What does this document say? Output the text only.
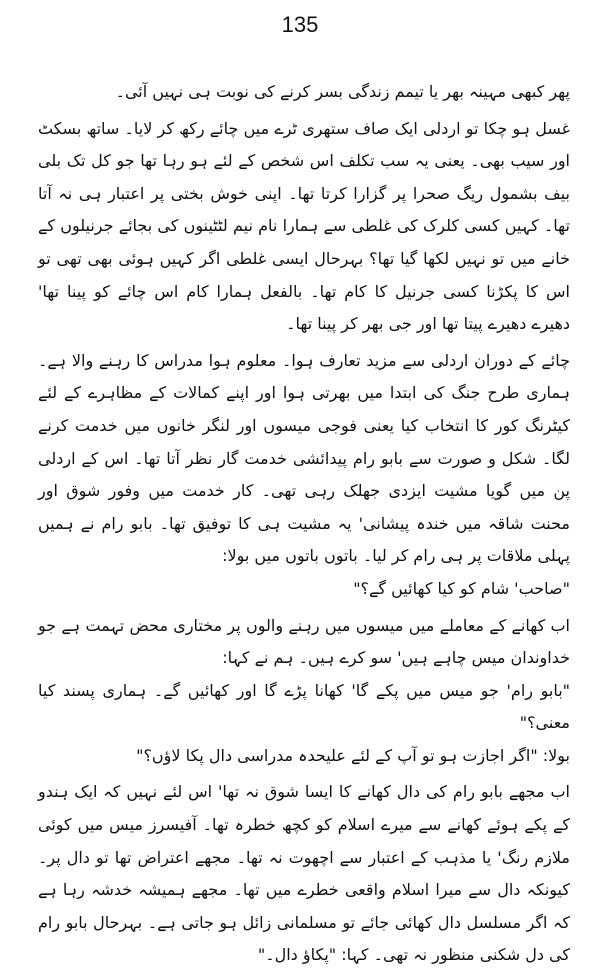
135

پھر کبھی مہینہ بھر یا تیمم زندگی بسر کرنے کی نوبت ہی نہیں آئی۔

غسل ہو چکا تو اردلی ایک صاف ستھری ٹرے میں چائے رکھ کر لایا۔ ساتھ بسکٹ اور سیب بھی۔ یعنی یہ سب تکلف اس شخص کے لئے ہو رہا تھا جو کل تک بلی بیف بشمول ریگ صحرا پر گزارا کرتا تھا۔ اپنی خوش بختی پر اعتبار ہی نہ آتا تھا۔ کہیں کسی کلرک کی غلطی سے ہمارا نام نیم لٹٹینوں کی بجائے جرنیلوں کے خانے میں تو نہیں لکھا گیا تھا؟ بہرحال ایسی غلطی اگر کہیں ہوئی بھی تھی تو اس کا پکڑنا کسی جرنیل کا کام تھا۔ بالفعل ہمارا کام اس چائے کو پینا تھا' دھیرے دھیرے پیتا تھا اور جی بھر کر پینا تھا۔

چائے کے دوران اردلی سے مزید تعارف ہوا۔ معلوم ہوا مدراس کا رہنے والا ہے۔ ہماری طرح جنگ کی ابتدا میں بھرتی ہوا اور اپنے کمالات کے مظاہرے کے لئے کیٹرنگ کور کا انتخاب کیا یعنی فوجی میسوں اور لنگر خانوں میں خدمت کرنے لگا۔ شکل و صورت سے بابو رام پیدائشی خدمت گار نظر آتا تھا۔ اس کے اردلی پن میں گویا مشیت ایزدی جھلک رہی تھی۔ کار خدمت میں وفور شوق اور محنت شاقہ میں خندہ پیشانی' یہ مشیت ہی کا توفیق تھا۔ بابو رام نے ہمیں پہلی ملاقات پر ہی رام کر لیا۔ باتوں باتوں میں بولا:

"صاحب' شام کو کیا کھائیں گے؟"

اب کھانے کے معاملے میں میسوں میں رہنے والوں پر مختاری محض تہمت ہے جو خداوندان میس چاہے ہیں' سو کرے ہیں۔ ہم نے کہا:

"بابو رام' جو میس میں پکے گا' کھانا پڑے گا اور کھائیں گے۔ ہماری پسند کیا معنی؟"

بولا: "اگر اجازت ہو تو آپ کے لئے علیحدہ مدراسی دال پکا لاؤں؟"

اب مجھے بابو رام کی دال کھانے کا ایسا شوق نہ تھا' اس لئے نہیں کہ ایک ہندو کے پکے ہوئے کھانے سے میرے اسلام کو کچھ خطرہ تھا۔ آفیسرز میس میں کوئی ملازم رنگ' یا مذہب کے اعتبار سے اچھوت نہ تھا۔ مجھے اعتراض تھا تو دال پر۔ کیونکہ دال سے میرا اسلام واقعی خطرے میں تھا۔ مجھے ہمیشہ خدشہ رہا ہے کہ اگر مسلسل دال کھائی جائے تو مسلمانی زائل ہو جاتی ہے۔ بہرحال بابو رام کی دل شکنی منظور نہ تھی۔ کہا: "پکاؤ دال۔"
